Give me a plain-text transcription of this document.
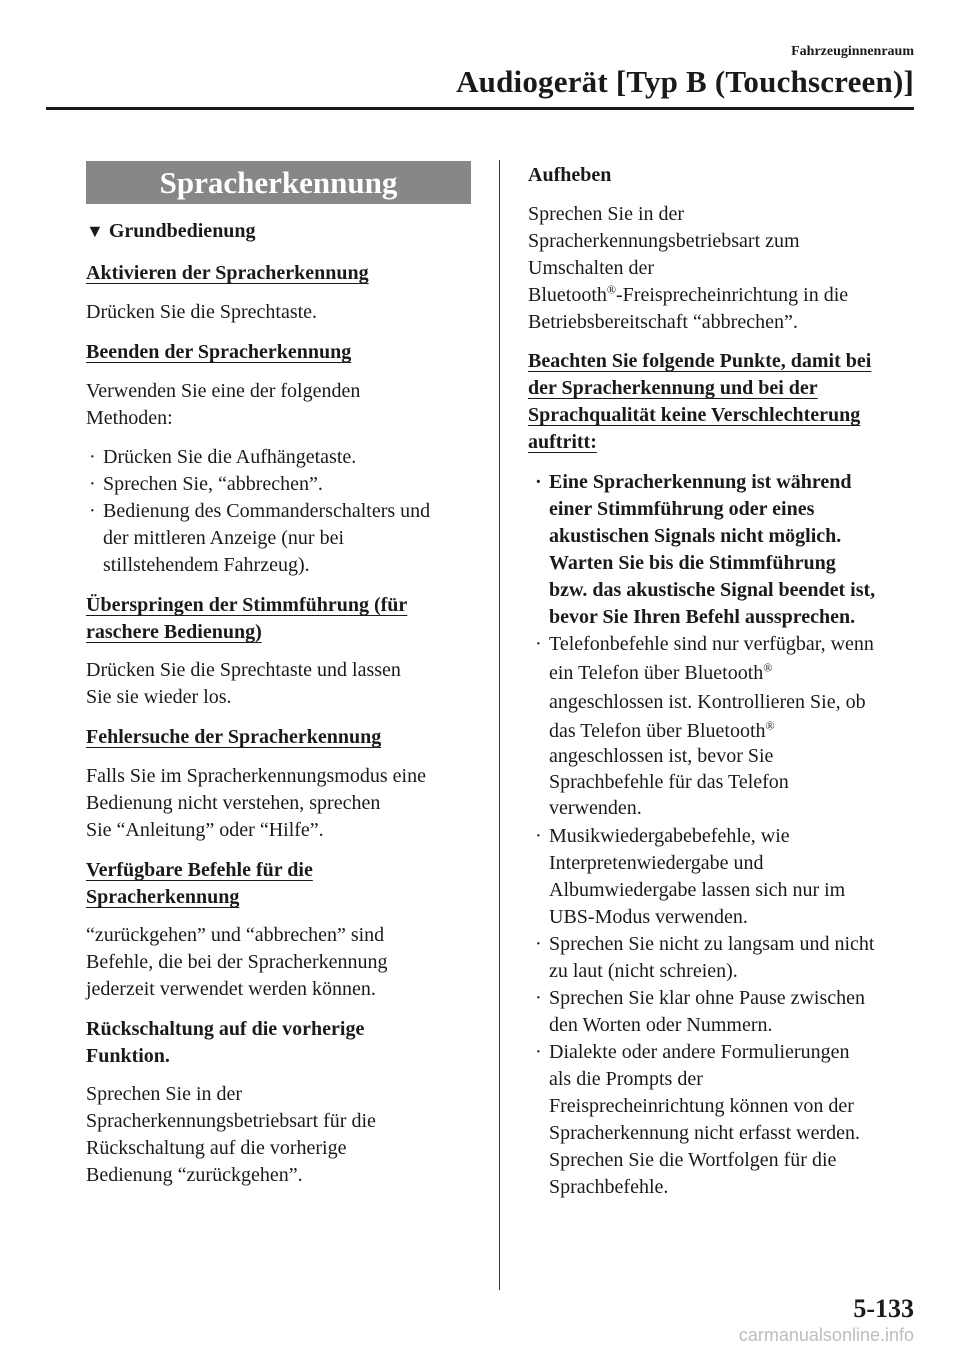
Fahrzeuginnenraum
Audiogerät [Typ B (Touchscreen)]
Spracherkennung
▼ Grundbedienung
Aktivieren der Spracherkennung
Drücken Sie die Sprechtaste.
Beenden der Spracherkennung
Verwenden Sie eine der folgenden
Methoden:
· Drücken Sie die Aufhängetaste.
· Sprechen Sie, “abbrechen”.
· Bedienung des Commanderschalters und
der mittleren Anzeige (nur bei
stillstehendem Fahrzeug).
Überspringen der Stimmführung (für
raschere Bedienung)
Drücken Sie die Sprechtaste und lassen
Sie sie wieder los.
Fehlersuche der Spracherkennung
Falls Sie im Spracherkennungsmodus eine
Bedienung nicht verstehen, sprechen
Sie “Anleitung” oder “Hilfe”.
Verfügbare Befehle für die
Spracherkennung
“zurückgehen” und “abbrechen” sind
Befehle, die bei der Spracherkennung
jederzeit verwendet werden können.
Rückschaltung auf die vorherige
Funktion.
Sprechen Sie in der
Spracherkennungsbetriebsart für die
Rückschaltung auf die vorherige
Bedienung “zurückgehen”.
Aufheben
Sprechen Sie in der
Spracherkennungsbetriebsart zum
Umschalten der
Bluetooth®-Freisprecheinrichtung in die
Betriebsbereitschaft “abbrechen”.
Beachten Sie folgende Punkte, damit bei
der Spracherkennung und bei der
Sprachqualität keine Verschlechterung
auftritt:
· Eine Spracherkennung ist während
einer Stimmführung oder eines
akustischen Signals nicht möglich.
Warten Sie bis die Stimmführung
bzw. das akustische Signal beendet ist,
bevor Sie Ihren Befehl aussprechen.
· Telefonbefehle sind nur verfügbar, wenn
ein Telefon über Bluetooth®
angeschlossen ist. Kontrollieren Sie, ob
das Telefon über Bluetooth®
angeschlossen ist, bevor Sie
Sprachbefehle für das Telefon
verwenden.
· Musikwiedergabebefehle, wie
Interpretenwiedergabe und
Albumwiedergabe lassen sich nur im
UBS-Modus verwenden.
· Sprechen Sie nicht zu langsam und nicht
zu laut (nicht schreien).
· Sprechen Sie klar ohne Pause zwischen
den Worten oder Nummern.
· Dialekte oder andere Formulierungen
als die Prompts der
Freisprecheinrichtung können von der
Spracherkennung nicht erfasst werden.
Sprechen Sie die Wortfolgen für die
Sprachbefehle.
5-133
carmanualsonline.info
